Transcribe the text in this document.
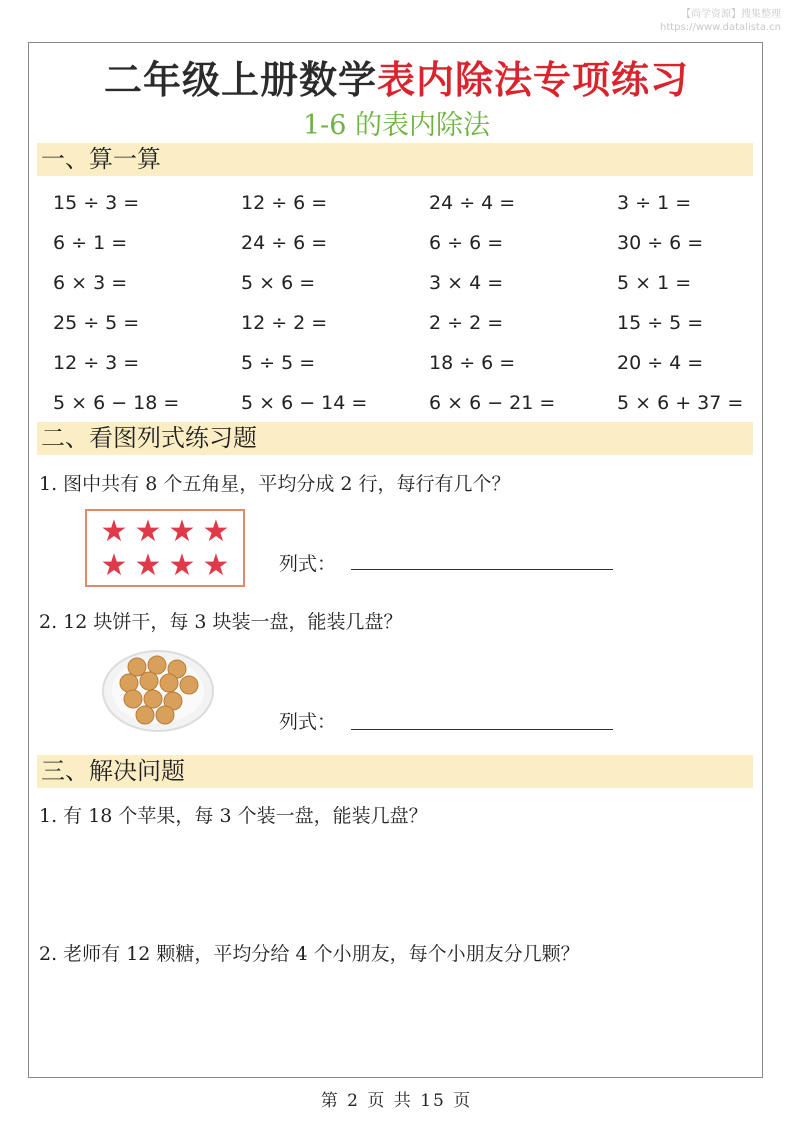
【尚学资源】搜集整理
https://www.datalista.cn
二年级上册数学表内除法专项练习
1-6 的表内除法
一、算一算
15 ÷ 3 =	12 ÷ 6 =	24 ÷ 4 =	3 ÷ 1 =
6 ÷ 1 =	24 ÷ 6 =	6 ÷ 6 =	30 ÷ 6 =
6 × 3 =	5 × 6 =	3 × 4 =	5 × 1 =
25 ÷ 5 =	12 ÷ 2 =	2 ÷ 2 =	15 ÷ 5 =
12 ÷ 3 =	5 ÷ 5 =	18 ÷ 6 =	20 ÷ 4 =
5 × 6 − 18 =	5 × 6 − 14 =	6 × 6 − 21 =	5 × 6 + 37 =
二、看图列式练习题
1. 图中共有 8 个五角星，平均分成 2 行，每行有几个？
★ ★ ★ ★
★ ★ ★ ★	列式：
2. 12 块饼干，每 3 块装一盘，能装几盘？
列式：
三、解决问题
1. 有 18 个苹果，每 3 个装一盘，能装几盘？
2. 老师有 12 颗糖，平均分给 4 个小朋友，每个小朋友分几颗？
第 2 页 共 15 页
